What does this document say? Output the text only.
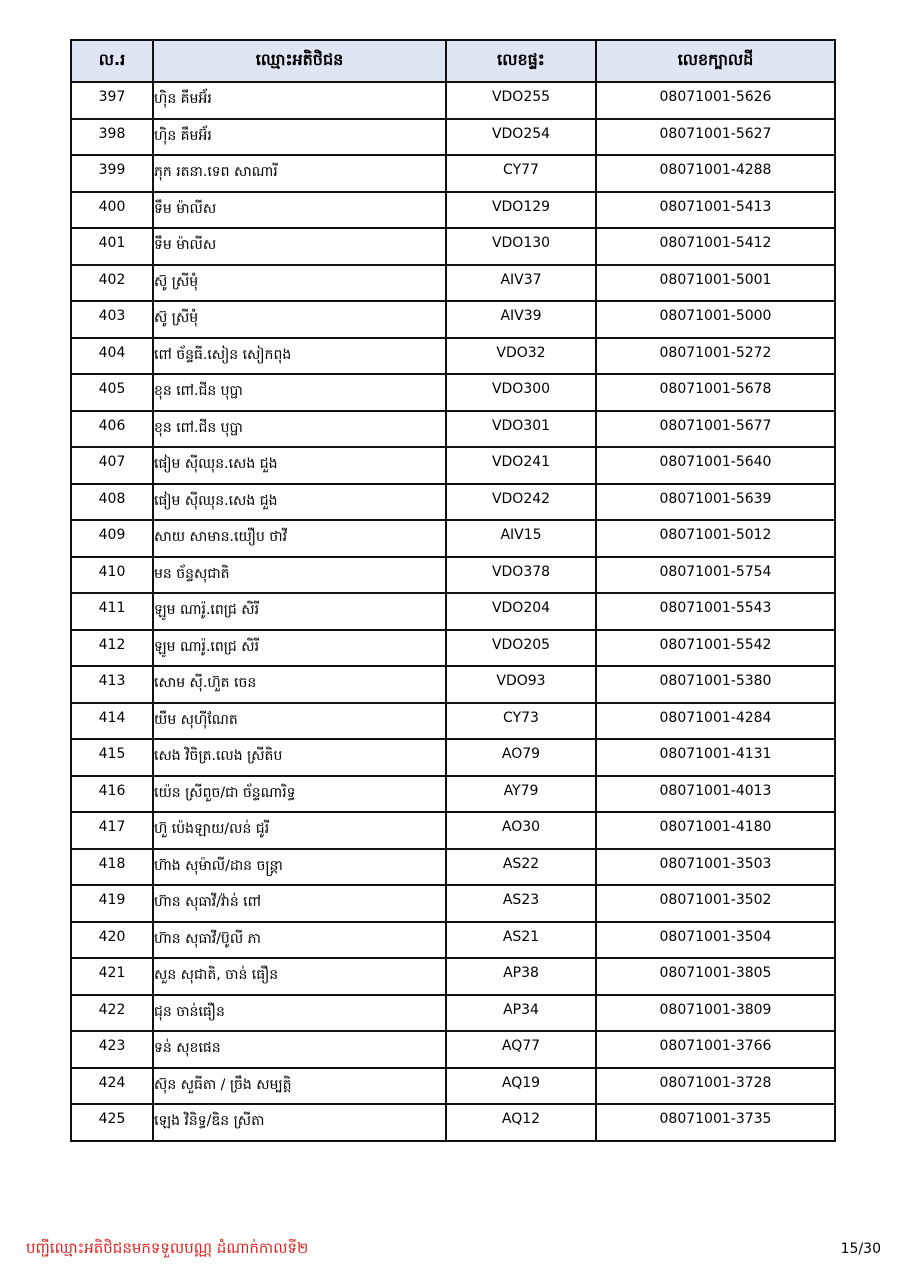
ល.រ	ឈ្មោះអតិថិជន	លេខផ្ទះ	លេខក្បាលដី
397	ហ៊ិន គឹមអ៊័រ	VDO255	08071001-5626
398	ហ៊ិន គឹមអ៊័រ	VDO254	08071001-5627
399	ភុក រតនា.ទេព សាណារី	CY77	08071001-4288
400	ទឹម ម៉ាលីស	VDO129	08071001-5413
401	ទឹម ម៉ាលីស	VDO130	08071001-5412
402	ស៊ូ ស្រីមុំ	AIV37	08071001-5001
403	ស៊ូ ស្រីមុំ	AIV39	08071001-5000
404	ពៅ ច័ន្ទធី.សៀន សៀកពុង	VDO32	08071001-5272
405	ខុន ពៅ.ជីន បុប្ផា	VDO300	08071001-5678
406	ខុន ពៅ.ជីន បុប្ផា	VDO301	08071001-5677
407	ផៀម ស៊ីឈុន.សេង ជួង	VDO241	08071001-5640
408	ផៀម ស៊ីឈុន.សេង ជួង	VDO242	08071001-5639
409	សាយ សាមាន.យឿប ថាវី	AIV15	08071001-5012
410	មន ច័ន្ទសុជាតិ	VDO378	08071001-5754
411	ឡូម ណារ៉ូ.ពេជ្រ សិរី	VDO204	08071001-5543
412	ឡូម ណារ៉ូ.ពេជ្រ សិរី	VDO205	08071001-5542
413	សោម ស៊ី.ហ៊ួត ចេន	VDO93	08071001-5380
414	យឹម សុហ៊ីណែត	CY73	08071001-4284
415	សេង វិចិត្រ.លេង ស្រីតិប	AO79	08071001-4131
416	យ៉េន ស្រីពួច/ជា ច័ន្ទណារិទ្ធ	AY79	08071001-4013
417	ហ៊ួ ប៉េងឡាយ/លន់ ជូរី	AO30	08071001-4180
418	ហ៊ាង សុម៉ាលី/ដាន ចន្ត្រា	AS22	08071001-3503
419	ហ៊ាន សុធាវី/វ៉ាន់ ពៅ	AS23	08071001-3502
420	ហ៊ាន សុធាវី/ប៊ូលី ភា	AS21	08071001-3504
421	សួន សុជាតិ, ចាន់ ធឿន	AP38	08071001-3805
422	ជុន ចាន់ធឿន	AP34	08071001-3809
423	ទន់ សុខផេន	AQ77	08071001-3766
424	ស៊ុន សួធីតា / ច្រឹង សម្បត្តិ	AQ19	08071001-3728
425	ឡេង វិនិទ្ធ/ឌិន ស្រីតា	AQ12	08071001-3735
បញ្ជីឈ្មោះអតិថិជនមកទទួលបណ្ណ ដំណាក់កាលទី២	15/30
